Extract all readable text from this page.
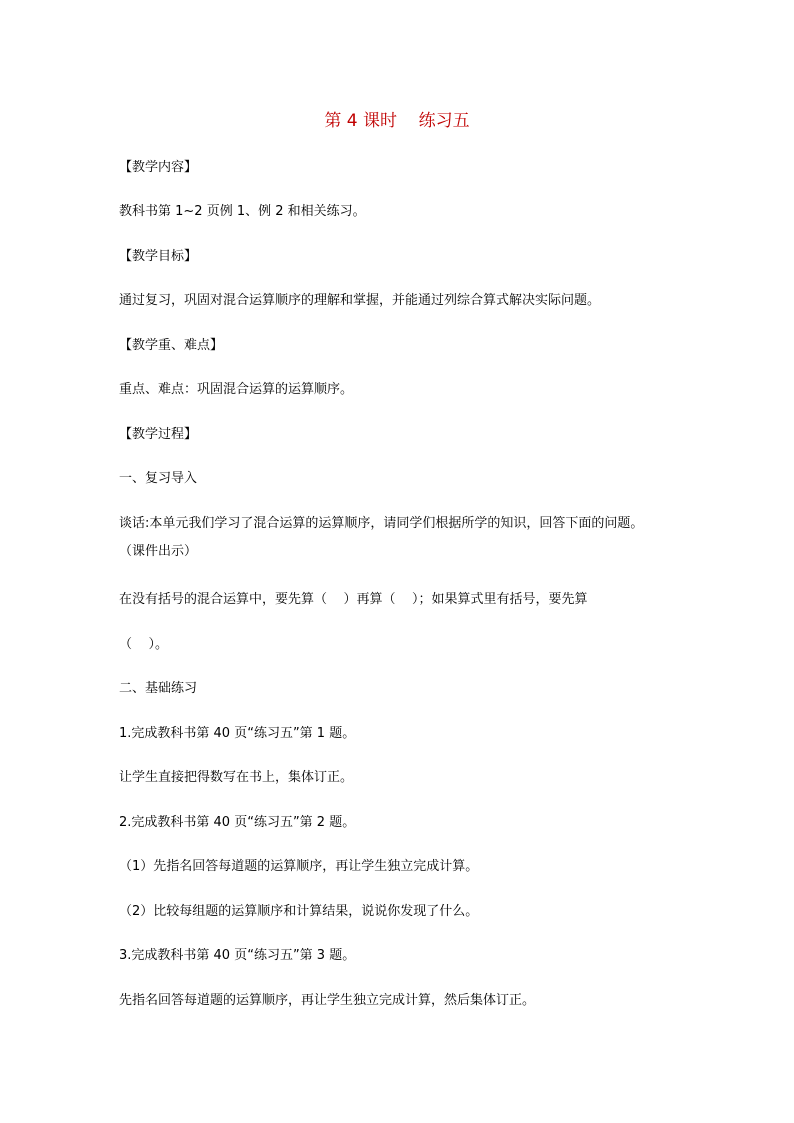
第 4 课时    练习五
【教学内容】
教科书第 1~2 页例 1、例 2 和相关练习。
【教学目标】
通过复习，巩固对混合运算顺序的理解和掌握，并能通过列综合算式解决实际问题。
【教学重、难点】
重点、难点：巩固混合运算的运算顺序。
【教学过程】
一、复习导入
谈话:本单元我们学习了混合运算的运算顺序，请同学们根据所学的知识，回答下面的问题。
（课件出示）
在没有括号的混合运算中，要先算（    ）再算（    ）；如果算式里有括号，要先算
（    ）。
二、基础练习
1.完成教科书第 40 页“练习五”第 1 题。
让学生直接把得数写在书上，集体订正。
2.完成教科书第 40 页“练习五”第 2 题。
（1）先指名回答每道题的运算顺序，再让学生独立完成计算。
（2）比较每组题的运算顺序和计算结果，说说你发现了什么。
3.完成教科书第 40 页“练习五”第 3 题。
先指名回答每道题的运算顺序，再让学生独立完成计算，然后集体订正。
